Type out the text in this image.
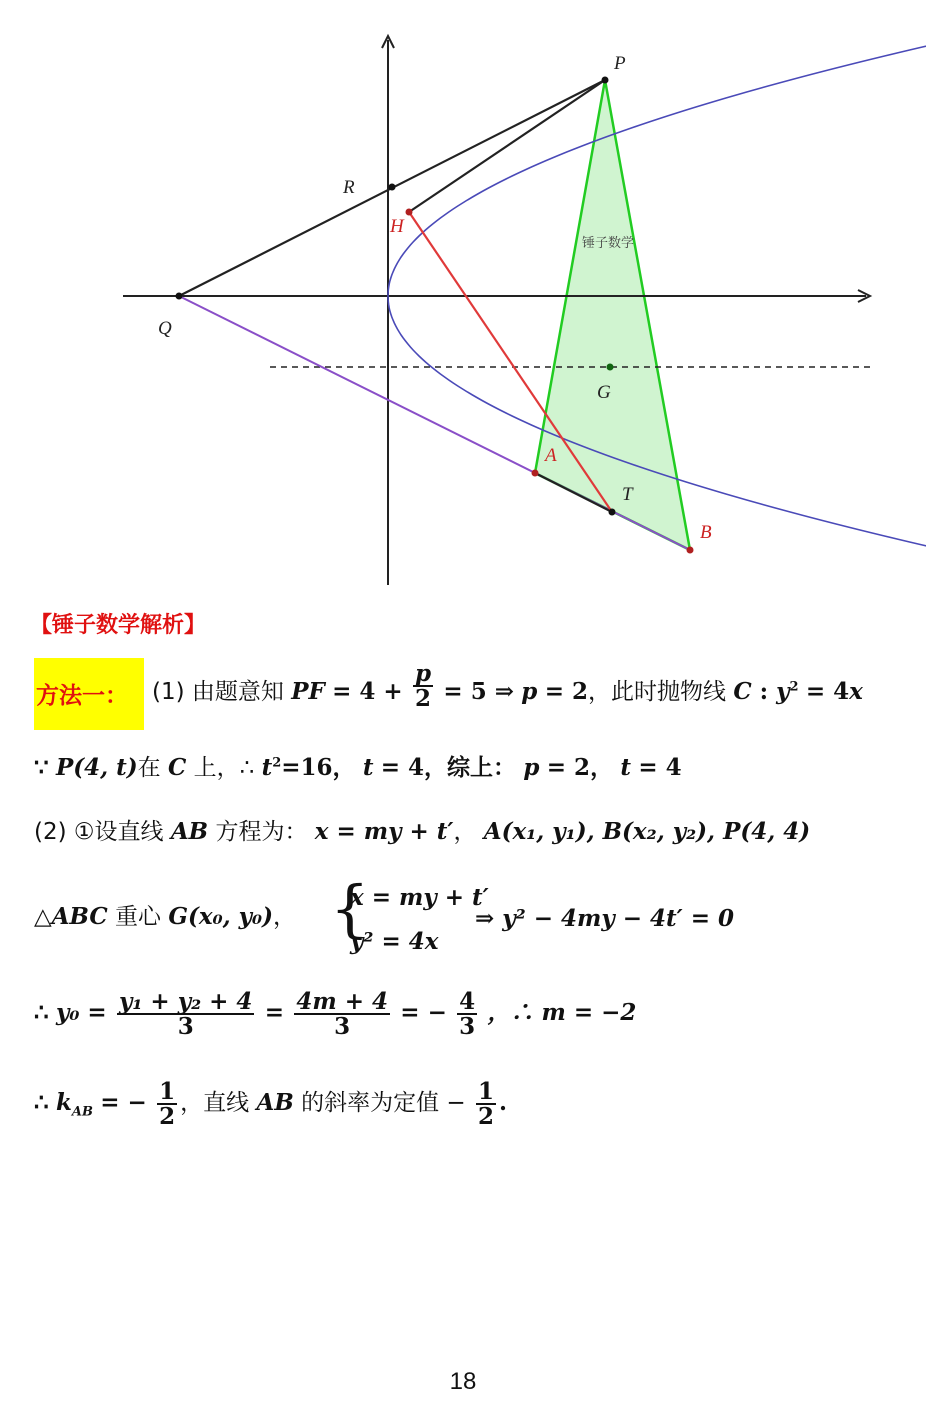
P
R
H
Q
G
A
T
B
锤子数学
【锤子数学解析】
方法一： (1) 由题意知 PF = $4 + \frac{p}{2} = 5$ ⇒ p = 2，此时抛物线 C : $y^2 = 4x$
∵ P(4, t)在 C 上，∴ $t^2=16$， t = 4，综上： p = 2， t = 4
(2) ①设直线 AB 方程为： x = my + t′， A(x₁, y₁), B(x₂, y₂), P(4, 4)
△ABC 重心 G(x₀, y₀)， {
x = my + t′
y² = 4x
⇒ y² − 4my − 4t′ = 0
∴ $y_0 = \frac{\text{y₁ + y₂ + 4}}{3} = \frac{4m + 4}{3}$ = − $\frac{4}{3}$ ，∴ m = −2
∴ $k_{AB}$ = − $\frac{1}{2}$ ，直线 AB 的斜率为定值 − $\frac{1}{2}$ .
18
